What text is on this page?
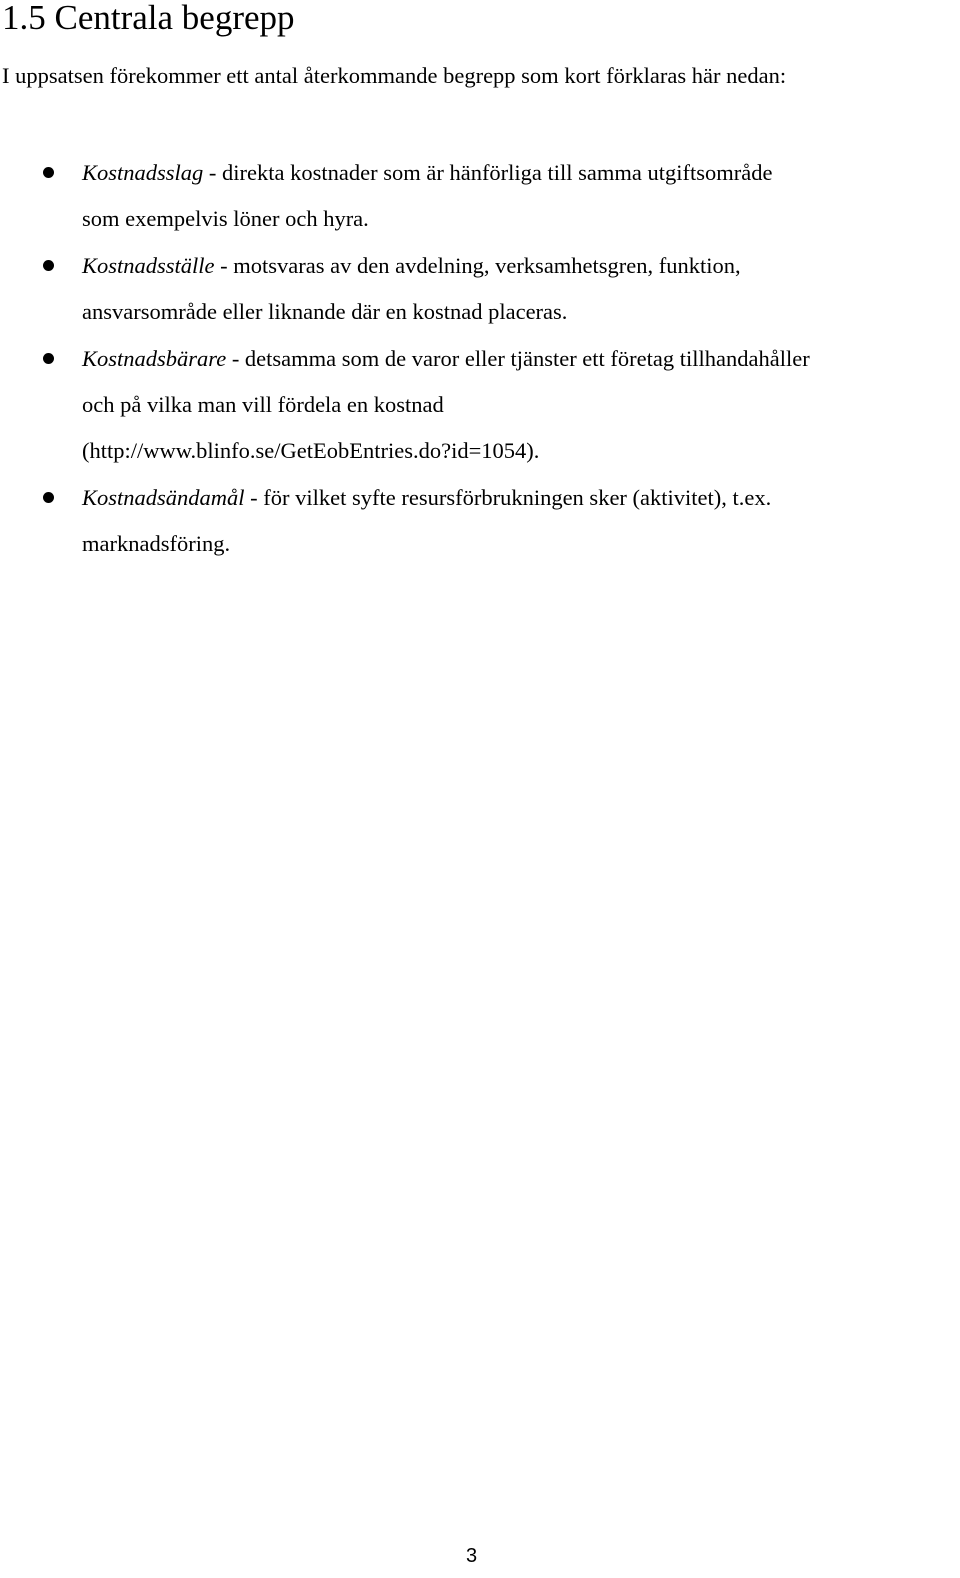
1.5 Centrala begrepp

I uppsatsen förekommer ett antal återkommande begrepp som kort förklaras här nedan:

Kostnadsslag - direkta kostnader som är hänförliga till samma utgiftsområde
som exempelvis löner och hyra.
Kostnadsställe - motsvaras av den avdelning, verksamhetsgren, funktion,
ansvarsområde eller liknande där en kostnad placeras.
Kostnadsbärare - detsamma som de varor eller tjänster ett företag tillhandahåller
och på vilka man vill fördela en kostnad
(http://www.blinfo.se/GetEobEntries.do?id=1054).
Kostnadsändamål - för vilket syfte resursförbrukningen sker (aktivitet), t.ex.
marknadsföring.
3
